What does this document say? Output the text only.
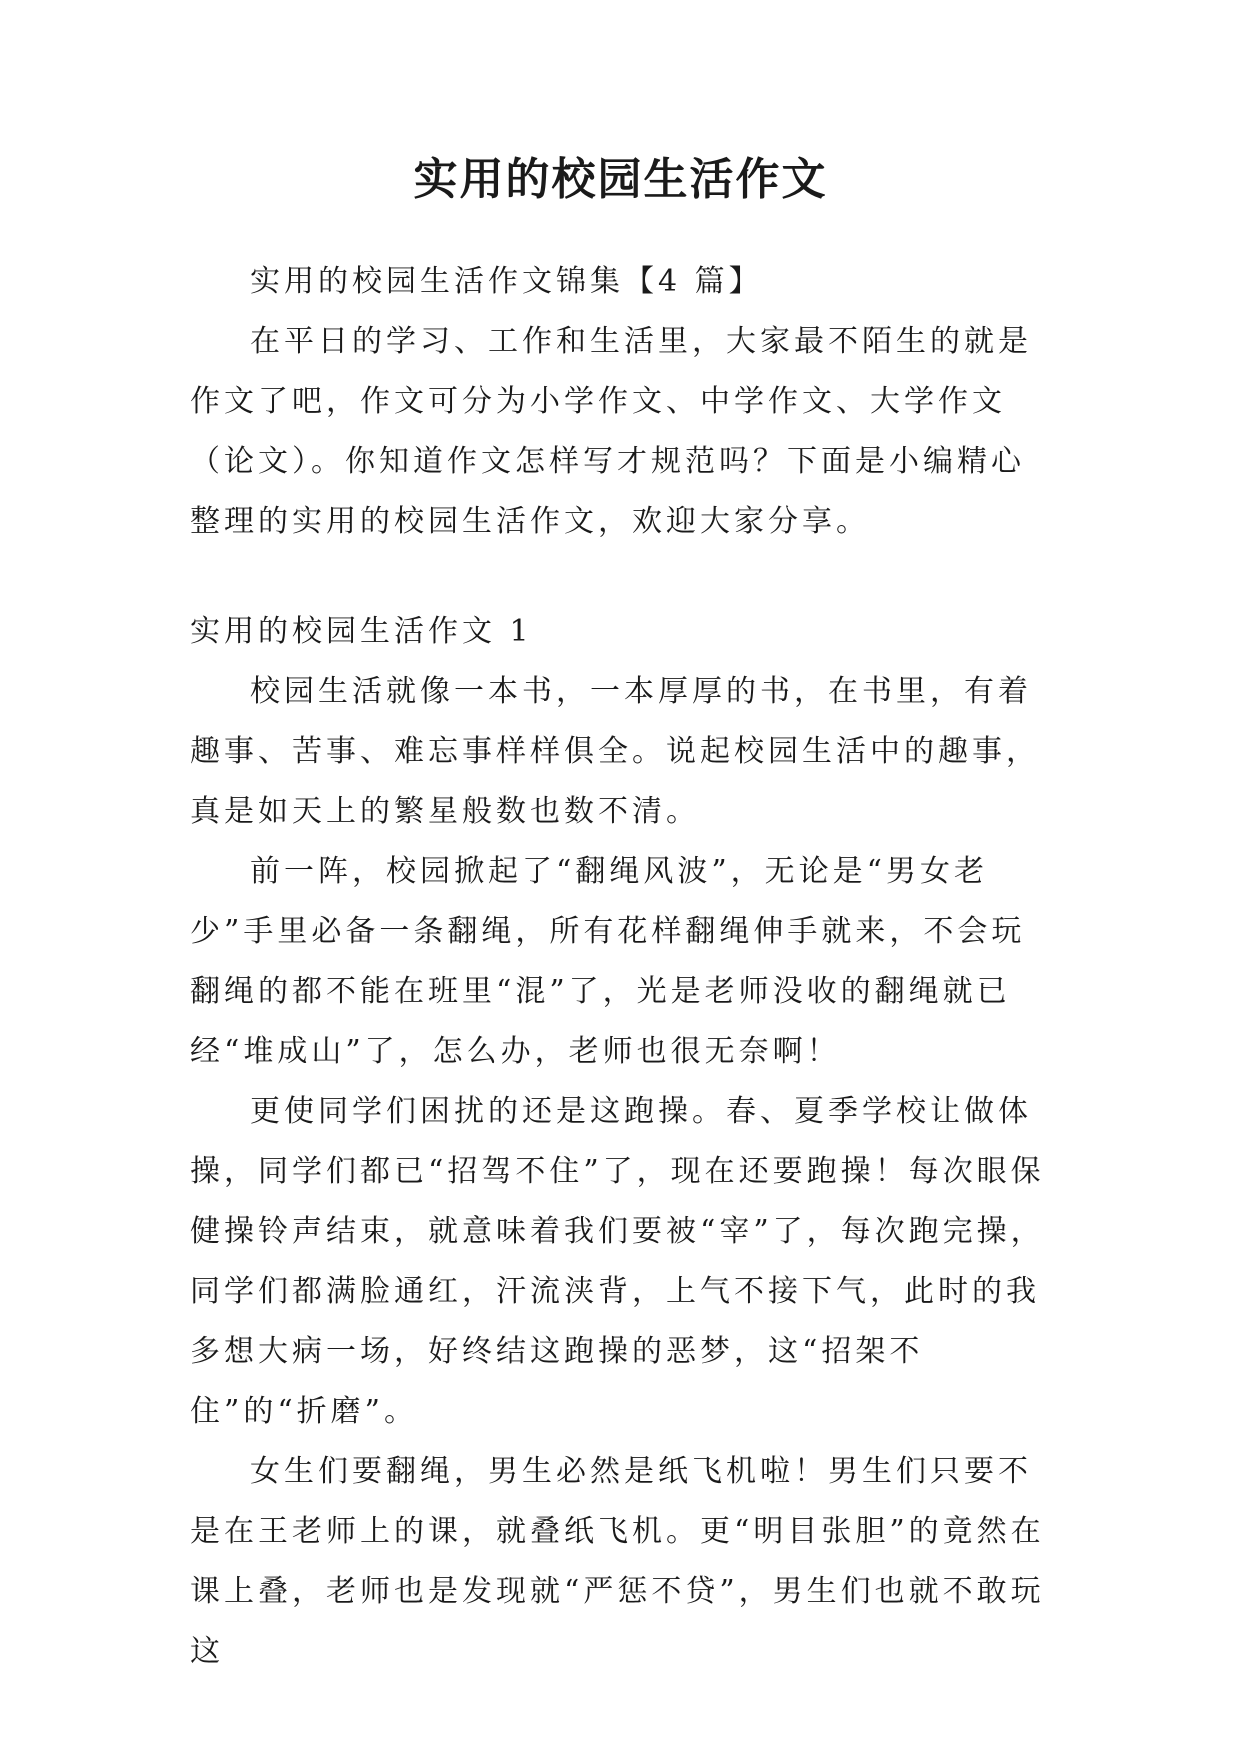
实用的校园生活作文

实用的校园生活作文锦集【4 篇】

在平日的学习、工作和生活里，大家最不陌生的就是作文了吧，作文可分为小学作文、中学作文、大学作文（论文）。你知道作文怎样写才规范吗？下面是小编精心整理的实用的校园生活作文，欢迎大家分享。

实用的校园生活作文 1

校园生活就像一本书，一本厚厚的书，在书里，有着趣事、苦事、难忘事样样俱全。说起校园生活中的趣事，真是如天上的繁星般数也数不清。

前一阵，校园掀起了“翻绳风波”，无论是“男女老少”手里必备一条翻绳，所有花样翻绳伸手就来，不会玩翻绳的都不能在班里“混”了，光是老师没收的翻绳就已经“堆成山”了，怎么办，老师也很无奈啊！

更使同学们困扰的还是这跑操。春、夏季学校让做体操，同学们都已“招驾不住”了，现在还要跑操！每次眼保健操铃声结束，就意味着我们要被“宰”了，每次跑完操，同学们都满脸通红，汗流浃背，上气不接下气，此时的我多想大病一场，好终结这跑操的恶梦，这“招架不住”的“折磨”。

女生们要翻绳，男生必然是纸飞机啦！男生们只要不是在王老师上的课，就叠纸飞机。更“明目张胆”的竟然在课上叠，老师也是发现就“严惩不贷”，男生们也就不敢玩这
